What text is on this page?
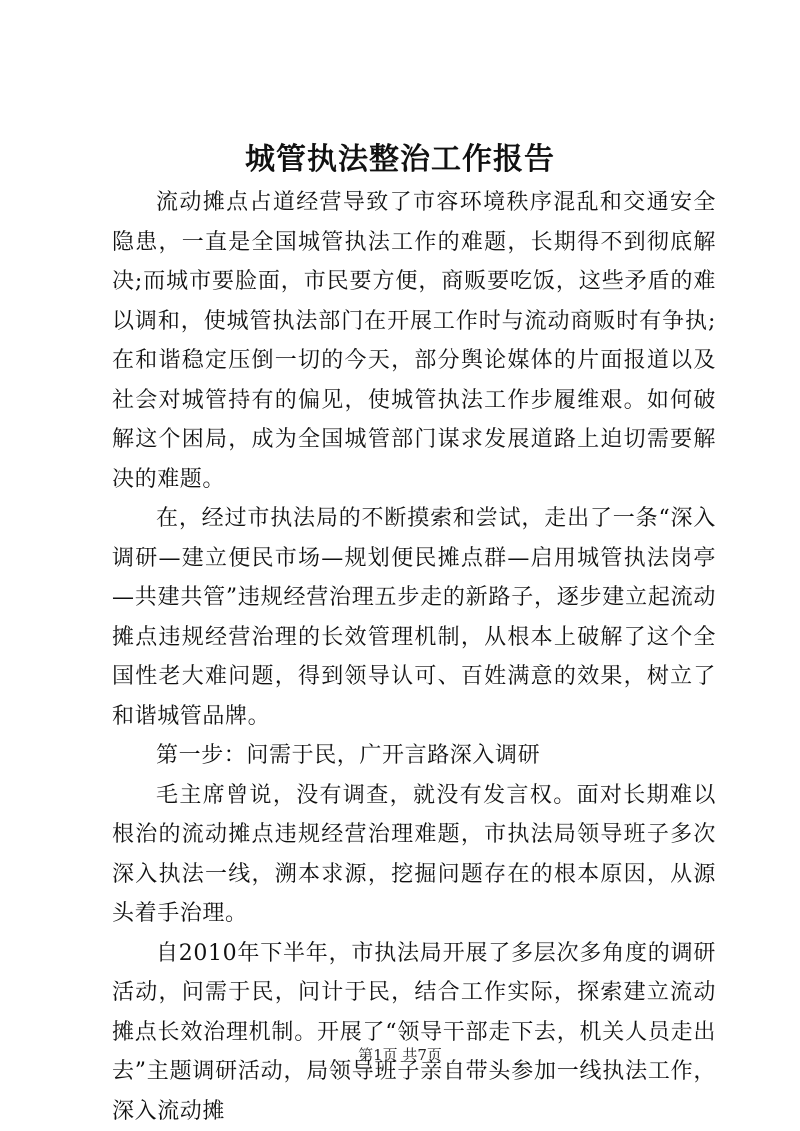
城管执法整治工作报告

流动摊点占道经营导致了市容环境秩序混乱和交通安全隐患，一直是全国城管执法工作的难题，长期得不到彻底解决;而城市要脸面，市民要方便，商贩要吃饭，这些矛盾的难以调和，使城管执法部门在开展工作时与流动商贩时有争执;在和谐稳定压倒一切的今天，部分舆论媒体的片面报道以及社会对城管持有的偏见，使城管执法工作步履维艰。如何破解这个困局，成为全国城管部门谋求发展道路上迫切需要解决的难题。

在，经过市执法局的不断摸索和尝试，走出了一条“深入调研—建立便民市场—规划便民摊点群—启用城管执法岗亭—共建共管”违规经营治理五步走的新路子，逐步建立起流动摊点违规经营治理的长效管理机制，从根本上破解了这个全国性老大难问题，得到领导认可、百姓满意的效果，树立了和谐城管品牌。

第一步：问需于民，广开言路深入调研

毛主席曾说，没有调查，就没有发言权。面对长期难以根治的流动摊点违规经营治理难题，市执法局领导班子多次深入执法一线，溯本求源，挖掘问题存在的根本原因，从源头着手治理。

自2010年下半年，市执法局开展了多层次多角度的调研活动，问需于民，问计于民，结合工作实际，探索建立流动摊点长效治理机制。开展了“领导干部走下去，机关人员走出去”主题调研活动，局领导班子亲自带头参加一线执法工作，深入流动摊

第1页 共7页
